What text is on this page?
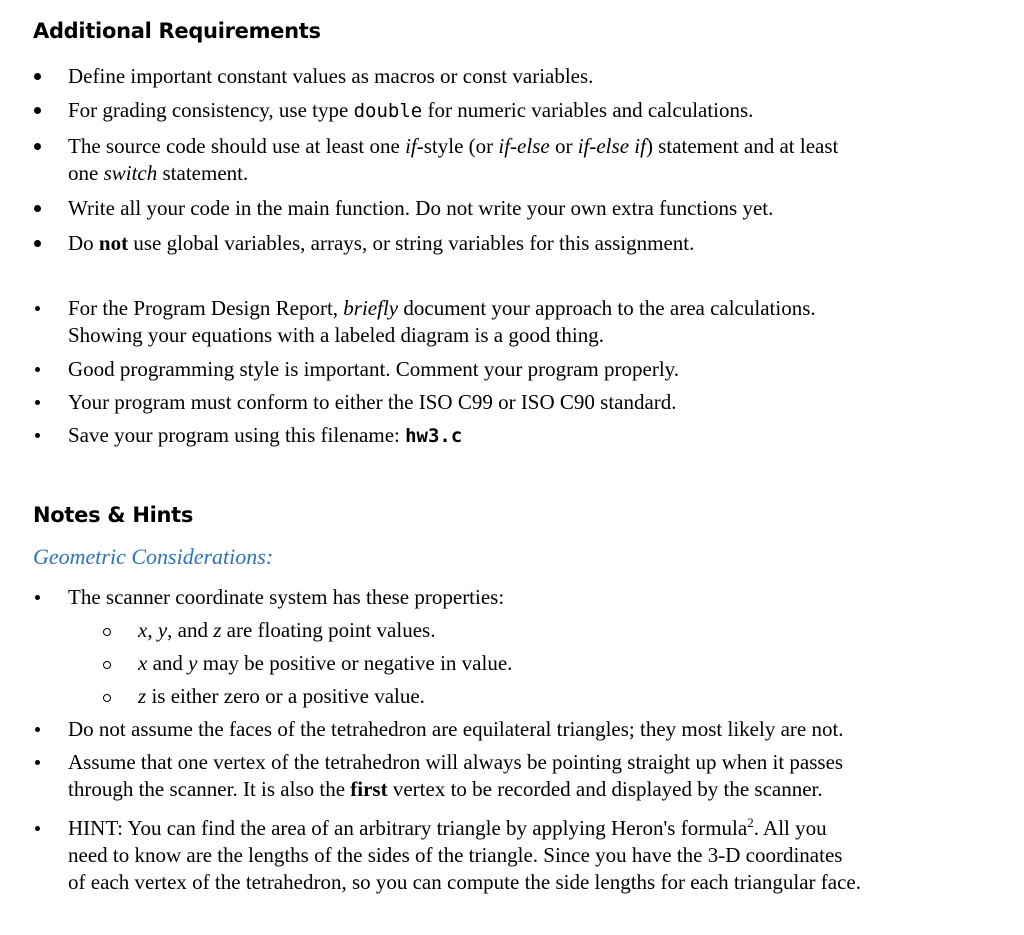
Additional Requirements
Define important constant values as macros or const variables.
For grading consistency, use type double for numeric variables and calculations.
The source code should use at least one if-style (or if-else or if-else if) statement and at least
one switch statement.
Write all your code in the main function. Do not write your own extra functions yet.
Do not use global variables, arrays, or string variables for this assignment.
For the Program Design Report, briefly document your approach to the area calculations.
Showing your equations with a labeled diagram is a good thing.
Good programming style is important. Comment your program properly.
Your program must conform to either the ISO C99 or ISO C90 standard.
Save your program using this filename: hw3.c
Notes & Hints
Geometric Considerations:
The scanner coordinate system has these properties:
x, y, and z are floating point values.
x and y may be positive or negative in value.
z is either zero or a positive value.
Do not assume the faces of the tetrahedron are equilateral triangles; they most likely are not.
Assume that one vertex of the tetrahedron will always be pointing straight up when it passes
through the scanner. It is also the first vertex to be recorded and displayed by the scanner.
HINT: You can find the area of an arbitrary triangle by applying Heron's formula$^2$. All you
need to know are the lengths of the sides of the triangle. Since you have the 3-D coordinates
of each vertex of the tetrahedron, so you can compute the side lengths for each triangular face.
